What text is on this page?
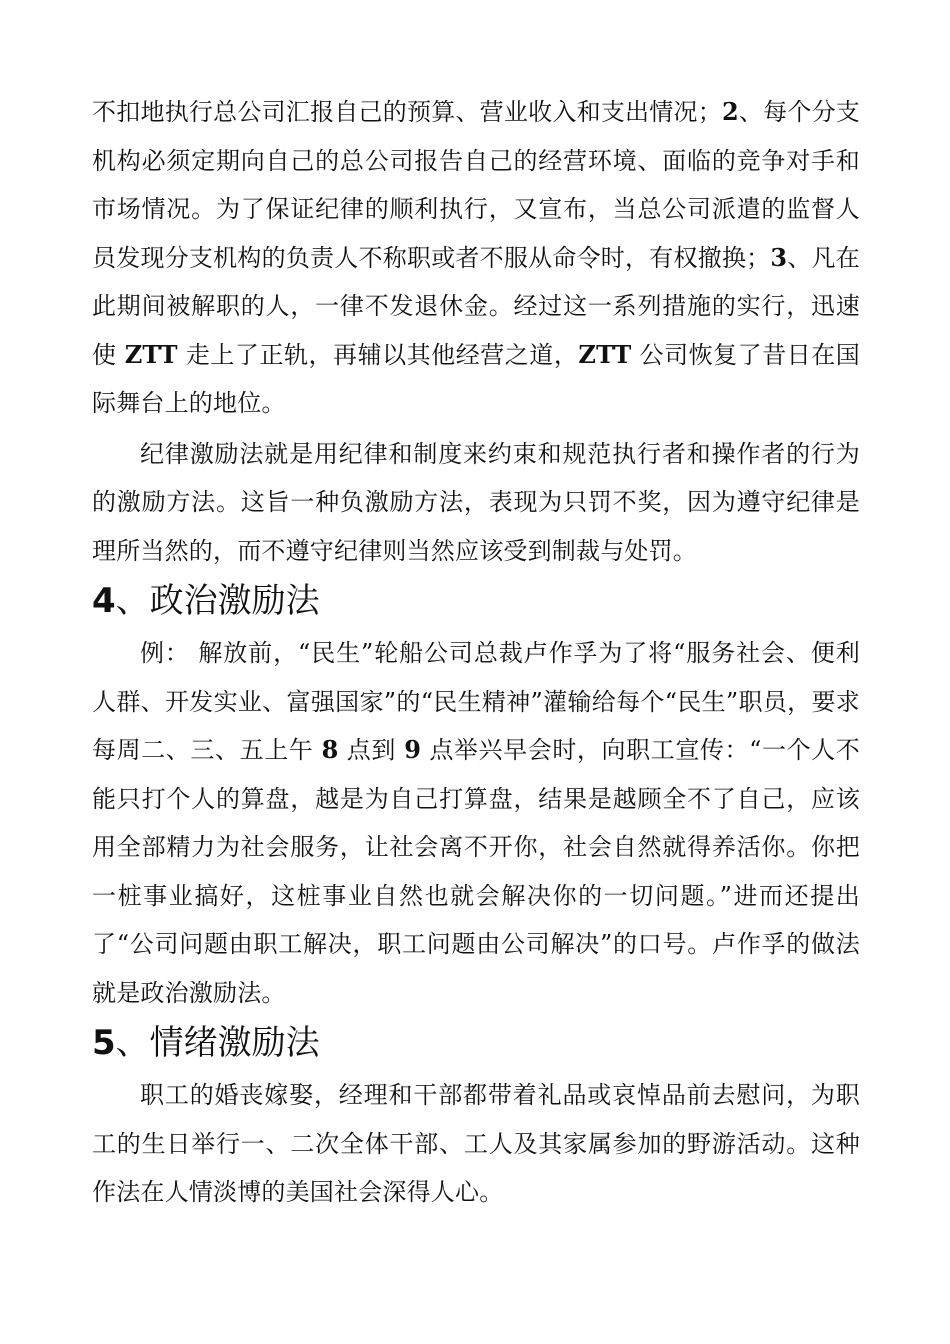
不扣地执行总公司汇报自己的预算、营业收入和支出情况；2、每个分支机构必须定期向自己的总公司报告自己的经营环境、面临的竞争对手和市场情况。为了保证纪律的顺利执行，又宣布，当总公司派遣的监督人员发现分支机构的负责人不称职或者不服从命令时，有权撤换；3、凡在此期间被解职的人，一律不发退休金。经过这一系列措施的实行，迅速使 ZTT 走上了正轨，再辅以其他经营之道，ZTT 公司恢复了昔日在国际舞台上的地位。

纪律激励法就是用纪律和制度来约束和规范执行者和操作者的行为的激励方法。这旨一种负激励方法，表现为只罚不奖，因为遵守纪律是理所当然的，而不遵守纪律则当然应该受到制裁与处罚。

4、政治激励法

例： 解放前，“民生”轮船公司总裁卢作孚为了将“服务社会、便利人群、开发实业、富强国家”的“民生精神”灌输给每个“民生”职员，要求每周二、三、五上午 8 点到 9 点举兴早会时，向职工宣传：“一个人不能只打个人的算盘，越是为自己打算盘，结果是越顾全不了自己，应该用全部精力为社会服务，让社会离不开你，社会自然就得养活你。你把一桩事业搞好，这桩事业自然也就会解决你的一切问题。”进而还提出了“公司问题由职工解决，职工问题由公司解决”的口号。卢作孚的做法就是政治激励法。

5、情绪激励法

职工的婚丧嫁娶，经理和干部都带着礼品或哀悼品前去慰问，为职工的生日举行一、二次全体干部、工人及其家属参加的野游活动。这种作法在人情淡博的美国社会深得人心。
